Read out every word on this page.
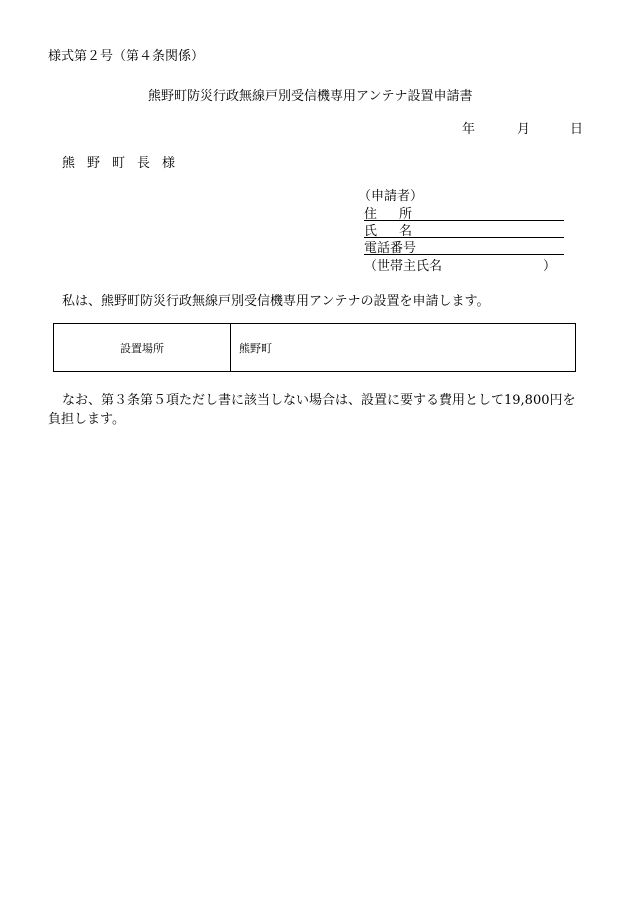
様式第２号（第４条関係）
熊野町防災行政無線戸別受信機専用アンテナ設置申請書
年	月	日
熊野町長様
（申請者）
住所
氏名
電話番号
（世帯主氏名	）
私は、熊野町防災行政無線戸別受信機専用アンテナの設置を申請します。
設置場所	熊野町
なお、第３条第５項ただし書に該当しない場合は、設置に要する費用として19,800円を負担します。
